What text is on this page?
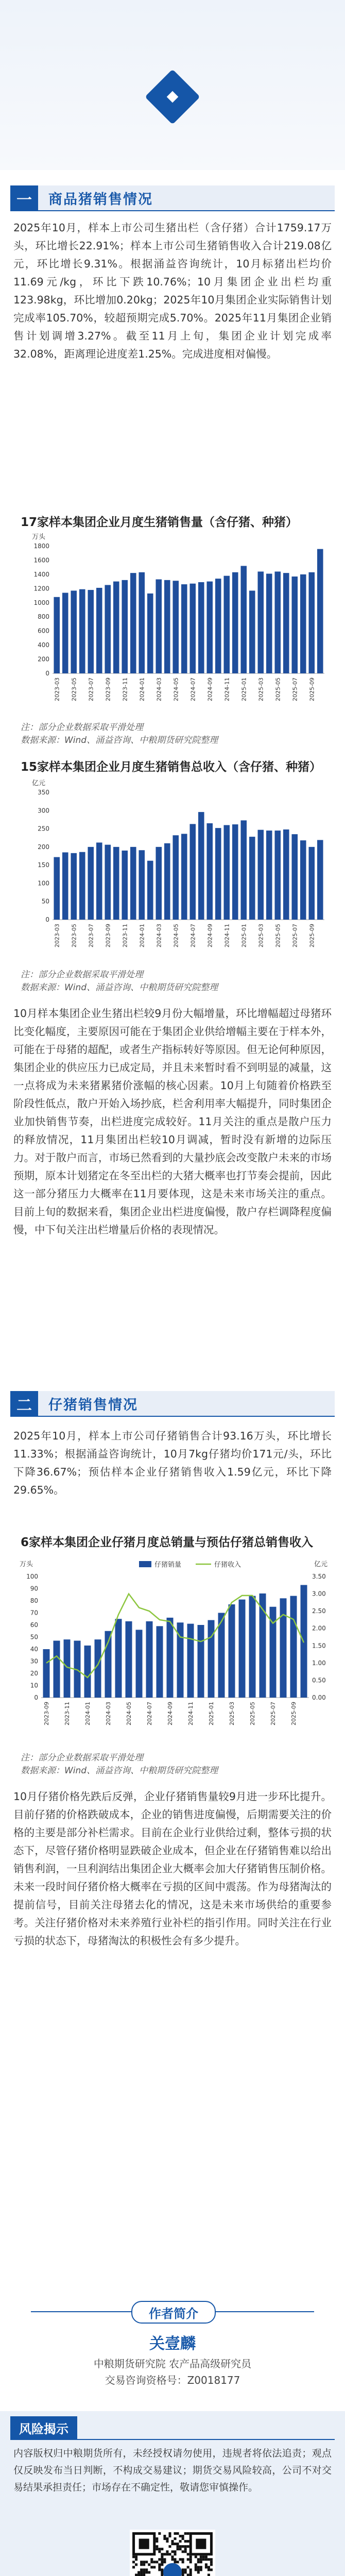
一	商品猪销售情况
2025年10月，样本上市公司生猪出栏（含仔猪）合计1759.17万头，环比增长22.91%；样本上市公司生猪销售收入合计219.08亿元，环比增长9.31%。根据涌益咨询统计，10月标猪出栏均价11.69元/kg，环比下跌10.76%；10月集团企业出栏均重123.98kg，环比增加0.20kg；2025年10月集团企业实际销售计划完成率105.70%，较超预期完成5.70%。2025年11月集团企业销售计划调增3.27%。截至11月上旬，集团企业计划完成率32.08%，距离理论进度差1.25%。完成进度相对偏慢。
17家样本集团企业月度生猪销售量（含仔猪、种猪）
万头
0
200
400
600
800
1000
1200
1400
1600
1800
2023-03 2023-05 2023-07 2023-09 2023-11 2024-01 2024-03 2024-05 2024-07 2024-09 2024-11 2025-01 2025-03 2025-05 2025-07 2025-09
注：部分企业数据采取平滑处理
数据来源：Wind、涌益咨询、中粮期货研究院整理
15家样本集团企业月度生猪销售总收入（含仔猪、种猪）
亿元
0
50
100
150
200
250
300
350
2023-03 2023-05 2023-07 2023-09 2023-11 2024-01 2024-03 2024-05 2024-07 2024-09 2024-11 2025-01 2025-03 2025-05 2025-07 2025-09
注：部分企业数据采取平滑处理
数据来源：Wind、涌益咨询、中粮期货研究院整理
10月样本集团企业生猪出栏较9月份大幅增量，环比增幅超过母猪环比变化幅度，主要原因可能在于集团企业供给增幅主要在于样本外，可能在于母猪的超配，或者生产指标转好等原因。但无论何种原因，集团企业的供应压力已成定局，并且未来暂时看不到明显的减量，这一点将成为未来猪累猪价涨幅的核心因素。10月上旬随着价格跌至阶段性低点，散户开始入场抄底，栏舍利用率大幅提升，同时集团企业加快销售节奏，出栏进度完成较好。11月关注的重点是散户压力的释放情况，11月集团出栏较10月调减，暂时没有新增的边际压力。对于散户而言，市场已然看到的大量抄底会改变散户未来的市场预期，原本计划猪定在冬至出栏的大猪大概率也打节奏会提前，因此这一部分猪压力大概率在11月要体现，这是未来市场关注的重点。目前上旬的数据来看，集团企业出栏进度偏慢，散户存栏调降程度偏慢，中下旬关注出栏增量后价格的表现情况。
二	仔猪销售情况
2025年10月，样本上市公司仔猪销售合计93.16万头，环比增长11.33%；根据涌益咨询统计，10月7kg仔猪均价171元/头，环比下降36.67%；预估样本企业仔猪销售收入1.59亿元，环比下降29.65%。
6家样本集团企业仔猪月度总销量与预估仔猪总销售收入
万头	亿元
0
10
20
30
40
50
60
70
80
90
100
0.00
0.50
1.00
1.50
2.00
2.50
3.00
3.50
2023-09 2023-11 2024-01 2024-03 2024-05 2024-07 2024-09 2024-11 2025-01 2025-03 2025-05 2025-07 2025-09
仔猪销量	仔猪收入
注：部分企业数据采取平滑处理
数据来源：Wind、涌益咨询、中粮期货研究院整理
10月仔猪价格先跌后反弹，企业仔猪销售量较9月进一步环比提升。目前仔猪的价格跌破成本，企业的销售进度偏慢，后期需要关注的价格的主要是部分补栏需求。目前在企业行业供给过剩，整体亏损的状态下，尽管仔猪价格明显跌破企业成本，但企业在仔猪销售难以给出销售利润，一旦利润结出集团企业大概率会加大仔猪销售压制价格。未来一段时间仔猪价格大概率在亏损的区间中震荡。作为母猪淘汰的提前信号，目前关注母猪去化的情况，这是未来市场供给的重要参考。关注仔猪价格对未来养殖行业补栏的指引作用。同时关注在行业亏损的状态下，母猪淘汰的积极性会有多少提升。
作者简介
关壹麟
中粮期货研究院 农产品高级研究员
交易咨询资格号：Z0018177
风险揭示
内容版权归中粮期货所有，未经授权请勿使用，违规者将依法追责；观点仅反映发布当日判断，不构成交易建议；期货交易风险较高，公司不对交易结果承担责任；市场存在不确定性，敬请您审慎操作。
